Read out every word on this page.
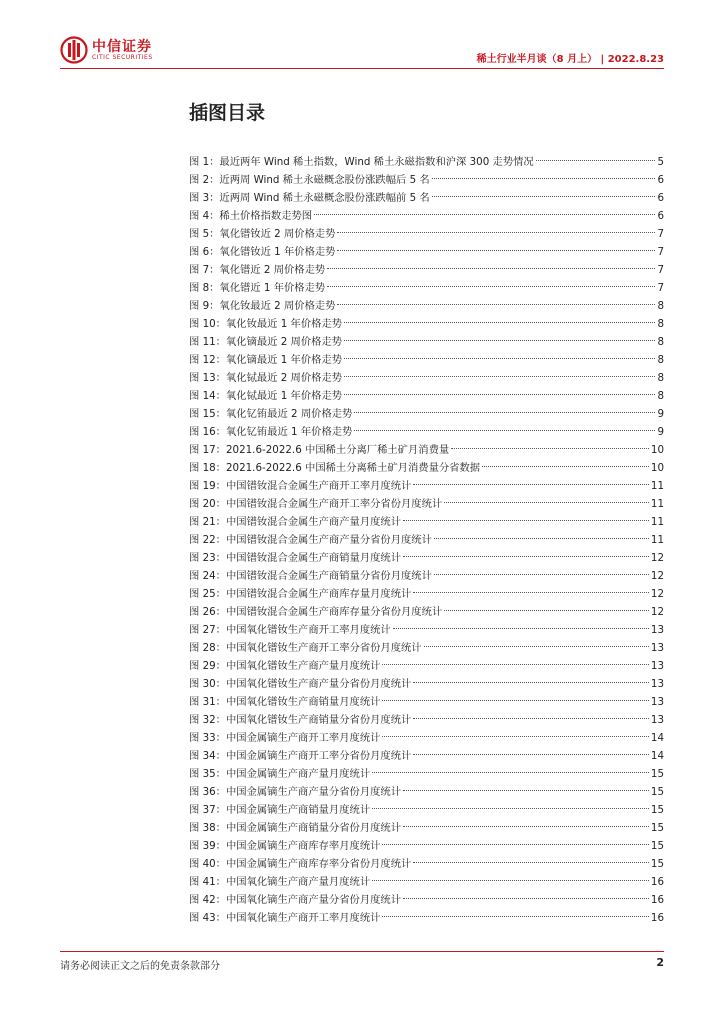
中信证券
CITIC SECURITIES	稀土行业半月谈（8 月上） | 2022.8.23
插图目录
图 1：最近两年 Wind 稀土指数，Wind 稀土永磁指数和沪深 300 走势情况	5
图 2：近两周 Wind 稀土永磁概念股份涨跌幅后 5 名	6
图 3：近两周 Wind 稀土永磁概念股份涨跌幅前 5 名	6
图 4：稀土价格指数走势图	6
图 5：氧化镨钕近 2 周价格走势	7
图 6：氧化镨钕近 1 年价格走势	7
图 7：氧化镨近 2 周价格走势	7
图 8：氧化镨近 1 年价格走势	7
图 9：氧化钕最近 2 周价格走势	8
图 10：氧化钕最近 1 年价格走势	8
图 11：氧化镝最近 2 周价格走势	8
图 12：氧化镝最近 1 年价格走势	8
图 13：氧化铽最近 2 周价格走势	8
图 14：氧化铽最近 1 年价格走势	8
图 15：氧化钇铕最近 2 周价格走势	9
图 16：氧化钇铕最近 1 年价格走势	9
图 17：2021.6-2022.6 中国稀土分离厂稀土矿月消费量	10
图 18：2021.6-2022.6 中国稀土分离稀土矿月消费量分省数据	10
图 19：中国镨钕混合金属生产商开工率月度统计	11
图 20：中国镨钕混合金属生产商开工率分省份月度统计	11
图 21：中国镨钕混合金属生产商产量月度统计	11
图 22：中国镨钕混合金属生产商产量分省份月度统计	11
图 23：中国镨钕混合金属生产商销量月度统计	12
图 24：中国镨钕混合金属生产商销量分省份月度统计	12
图 25：中国镨钕混合金属生产商库存量月度统计	12
图 26：中国镨钕混合金属生产商库存量分省份月度统计	12
图 27：中国氧化镨钕生产商开工率月度统计	13
图 28：中国氧化镨钕生产商开工率分省份月度统计	13
图 29：中国氧化镨钕生产商产量月度统计	13
图 30：中国氧化镨钕生产商产量分省份月度统计	13
图 31：中国氧化镨钕生产商销量月度统计	13
图 32：中国氧化镨钕生产商销量分省份月度统计	13
图 33：中国金属镝生产商开工率月度统计	14
图 34：中国金属镝生产商开工率分省份月度统计	14
图 35：中国金属镝生产商产量月度统计	15
图 36：中国金属镝生产商产量分省份月度统计	15
图 37：中国金属镝生产商销量月度统计	15
图 38：中国金属镝生产商销量分省份月度统计	15
图 39：中国金属镝生产商库存率月度统计	15
图 40：中国金属镝生产商库存率分省份月度统计	15
图 41：中国氧化镝生产商产量月度统计	16
图 42：中国氧化镝生产商产量分省份月度统计	16
图 43：中国氧化镝生产商开工率月度统计	16
请务必阅读正文之后的免责条款部分	2
